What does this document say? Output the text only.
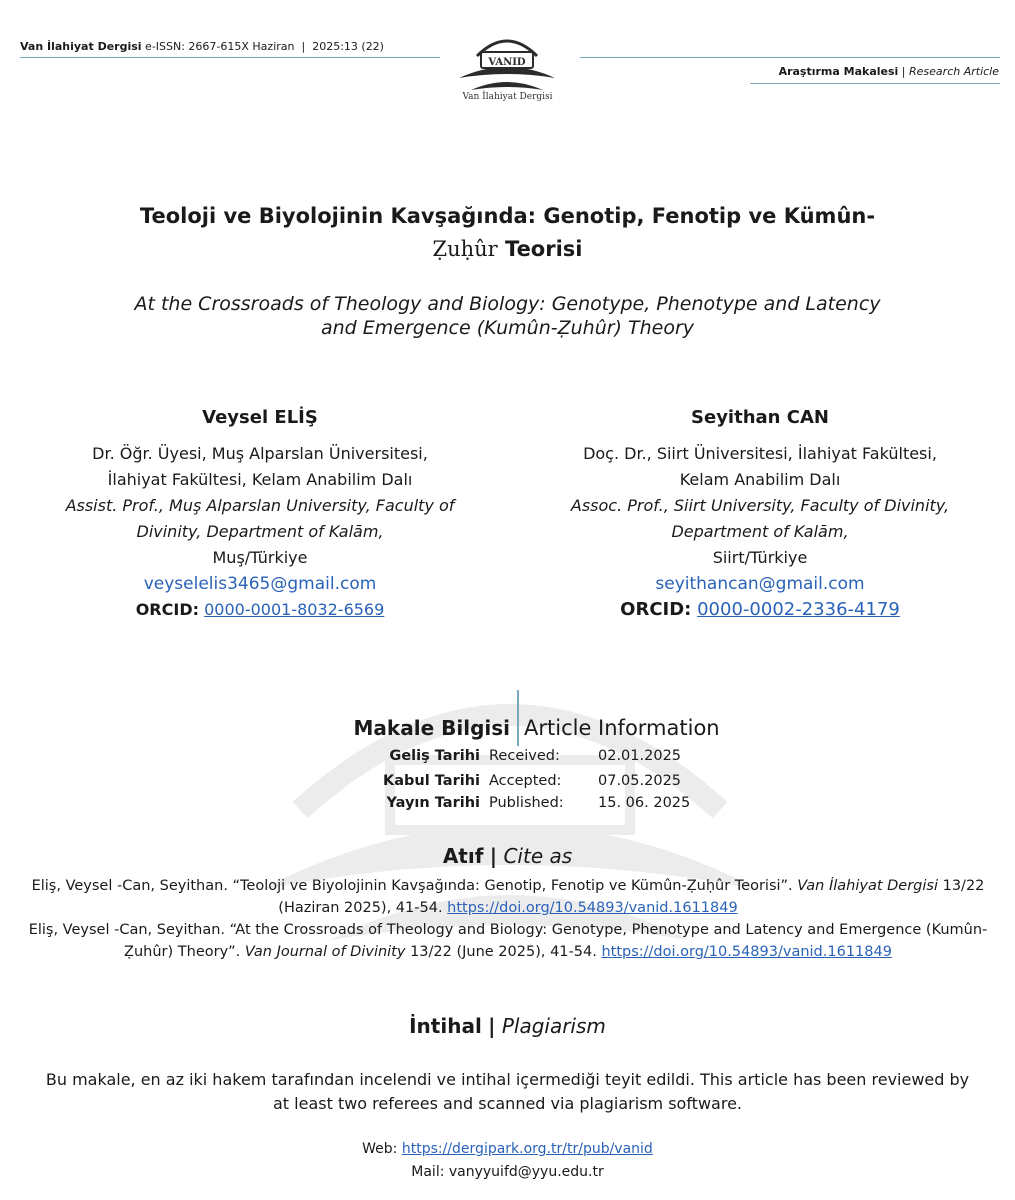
Van İlahiyat Dergisi e-ISSN: 2667-615X Haziran  |  2025:13 (22)
VANID
Van İlahiyat Dergisi
Araştırma Makalesi | Research Article
Teoloji ve Biyolojinin Kavşağında: Genotip, Fenotip ve Kümûn-
Ẓuḥûr Teorisi
At the Crossroads of Theology and Biology: Genotype, Phenotype and Latency
and Emergence (Kumûn-Ẓuhûr) Theory
Veysel ELİŞ
Dr. Öğr. Üyesi, Muş Alparslan Üniversitesi,
İlahiyat Fakültesi, Kelam Anabilim Dalı
Assist. Prof., Muş Alparslan University, Faculty of
Divinity, Department of Kalām,
Muş/Türkiye
veyselelis3465@gmail.com
ORCID: 0000-0001-8032-6569
Seyithan CAN
Doç. Dr., Siirt Üniversitesi, İlahiyat Fakültesi,
Kelam Anabilim Dalı
Assoc. Prof., Siirt University, Faculty of Divinity,
Department of Kalām,
Siirt/Türkiye
seyithancan@gmail.com
ORCID: 0000-0002-2336-4179
Makale Bilgisi Article Information
Geliş Tarihi Received:	02.01.2025
Kabul Tarihi Accepted:	07.05.2025
Yayın Tarihi Published: 15. 06. 2025
Atıf | Cite as
Eliş, Veysel -Can, Seyithan. “Teoloji ve Biyolojinin Kavşağında: Genotip, Fenotip ve Kümûn-Ẓuḥûr Teorisi”. Van İlahiyat Dergisi 13/22 (Haziran 2025), 41-54. https://doi.org/10.54893/vanid.1611849
Eliş, Veysel -Can, Seyithan. “At the Crossroads of Theology and Biology: Genotype, Phenotype and Latency and Emergence (Kumûn-Ẓuhûr) Theory”. Van Journal of Divinity 13/22 (June 2025), 41-54. https://doi.org/10.54893/vanid.1611849
İntihal | Plagiarism
Bu makale, en az iki hakem tarafından incelendi ve intihal içermediği teyit edildi. This article has been reviewed by at least two referees and scanned via plagiarism software.
Web: https://dergipark.org.tr/tr/pub/vanid
Mail: vanyyuifd@yyu.edu.tr
